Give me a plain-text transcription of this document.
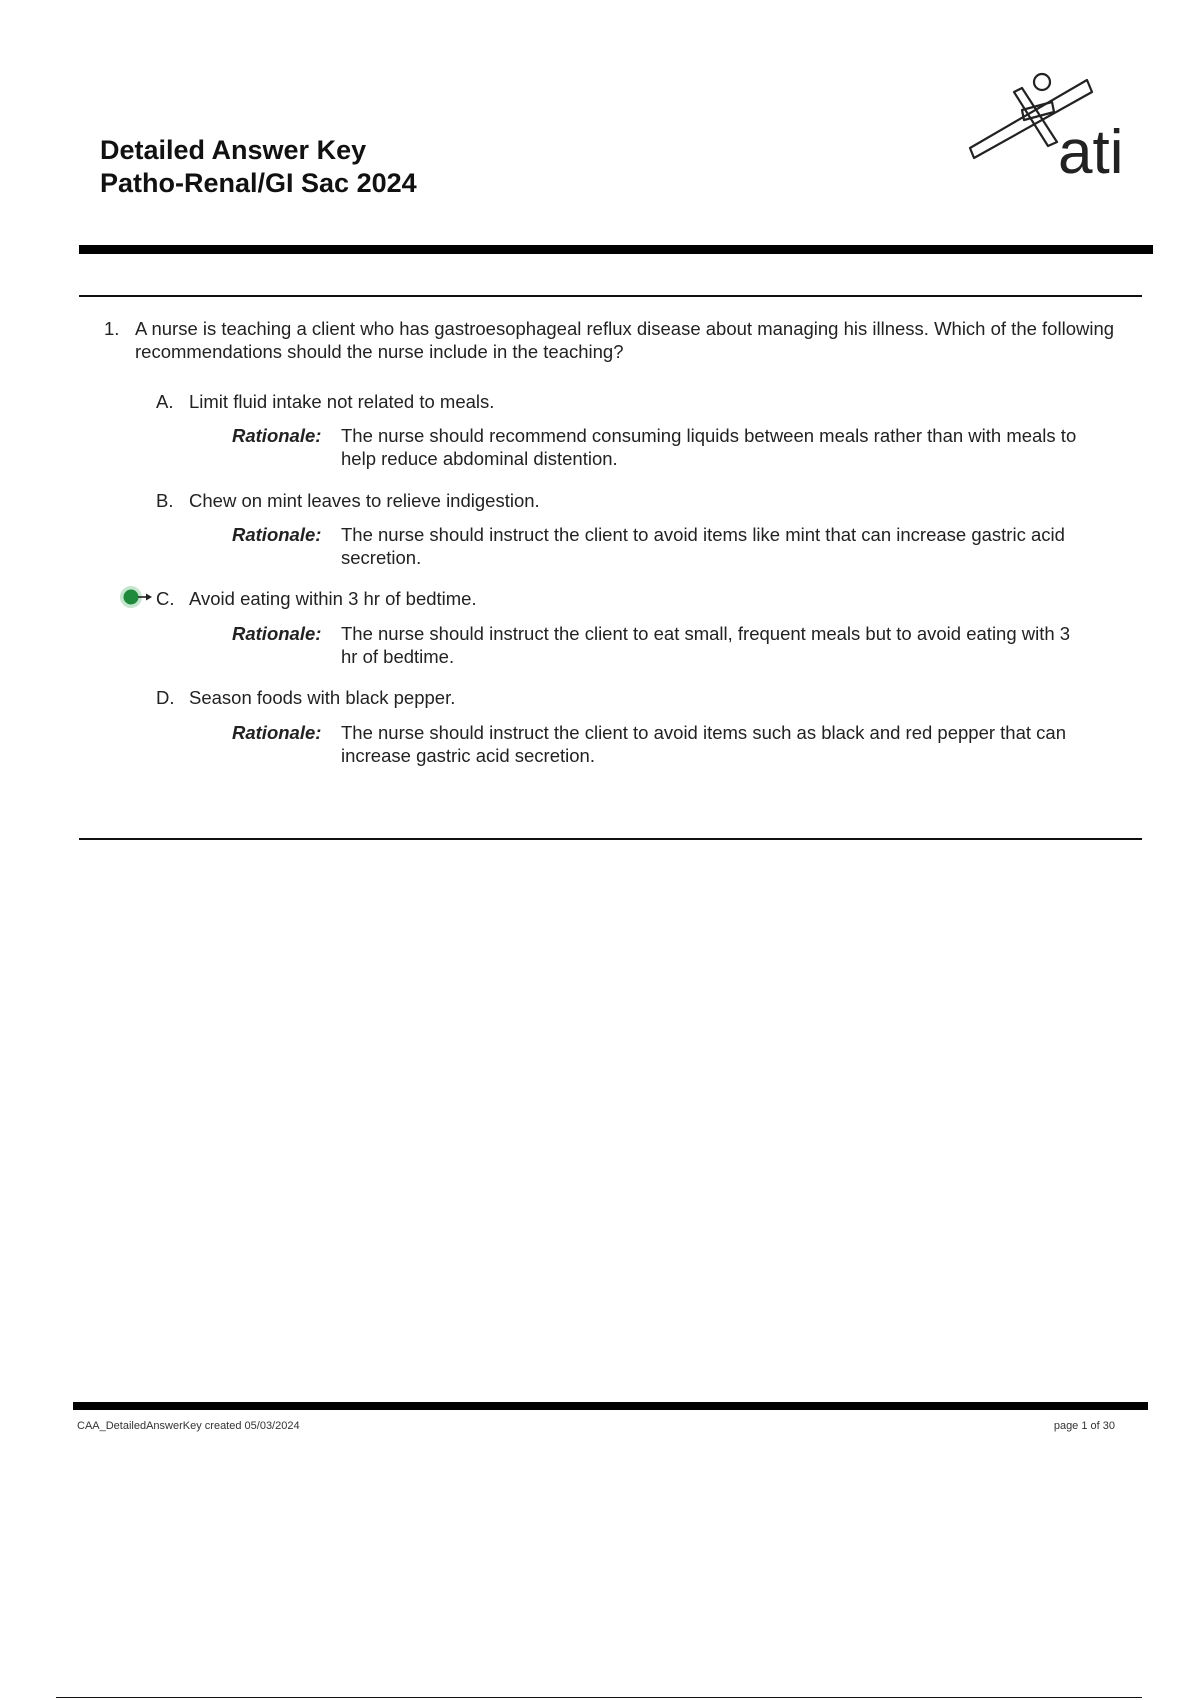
Detailed Answer Key
Patho-Renal/GI Sac 2024	ati
1. A nurse is teaching a client who has gastroesophageal reflux disease about managing his illness. Which of the following recommendations should the nurse include in the teaching?
A. Limit fluid intake not related to meals.
Rationale: The nurse should recommend consuming liquids between meals rather than with meals to help reduce abdominal distention.
B. Chew on mint leaves to relieve indigestion.
Rationale: The nurse should instruct the client to avoid items like mint that can increase gastric acid secretion.
C. Avoid eating within 3 hr of bedtime.
Rationale: The nurse should instruct the client to eat small, frequent meals but to avoid eating with 3 hr of bedtime.
D. Season foods with black pepper.
Rationale: The nurse should instruct the client to avoid items such as black and red pepper that can increase gastric acid secretion.
CAA_DetailedAnswerKey created 05/03/2024	page 1 of 30
